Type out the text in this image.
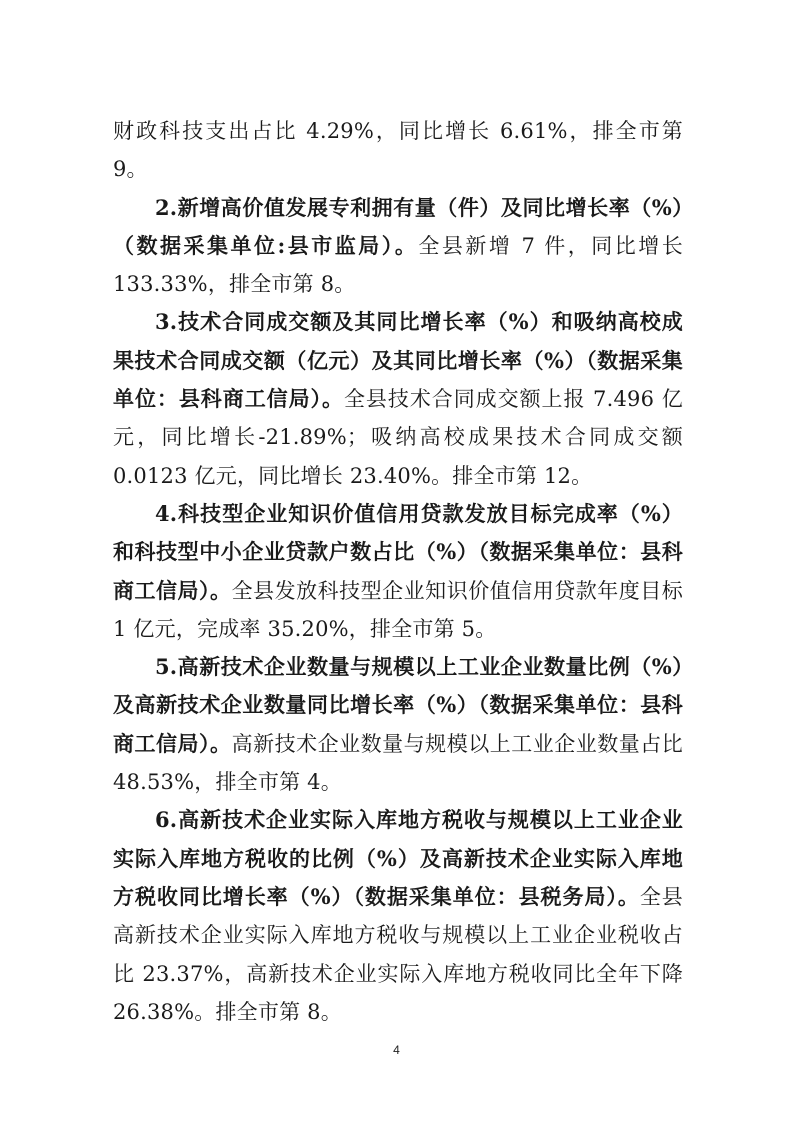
财政科技支出占比 4.29%，同比增长 6.61%，排全市第 9。

2.新增高价值发展专利拥有量（件）及同比增长率（%）（数据采集单位:县市监局）。全县新增 7 件，同比增长 133.33%，排全市第 8。

3.技术合同成交额及其同比增长率（%）和吸纳高校成果技术合同成交额（亿元）及其同比增长率（%）（数据采集单位：县科商工信局）。全县技术合同成交额上报 7.496 亿元，同比增长-21.89%；吸纳高校成果技术合同成交额 0.0123 亿元，同比增长 23.40%。排全市第 12。

4.科技型企业知识价值信用贷款发放目标完成率（%）和科技型中小企业贷款户数占比（%）（数据采集单位：县科商工信局）。全县发放科技型企业知识价值信用贷款年度目标 1 亿元，完成率 35.20%，排全市第 5。

5.高新技术企业数量与规模以上工业企业数量比例（%）及高新技术企业数量同比增长率（%）（数据采集单位：县科商工信局）。高新技术企业数量与规模以上工业企业数量占比 48.53%，排全市第 4。

6.高新技术企业实际入库地方税收与规模以上工业企业实际入库地方税收的比例（%）及高新技术企业实际入库地方税收同比增长率（%）（数据采集单位：县税务局）。全县高新技术企业实际入库地方税收与规模以上工业企业税收占比 23.37%，高新技术企业实际入库地方税收同比全年下降 26.38%。排全市第 8。

4
